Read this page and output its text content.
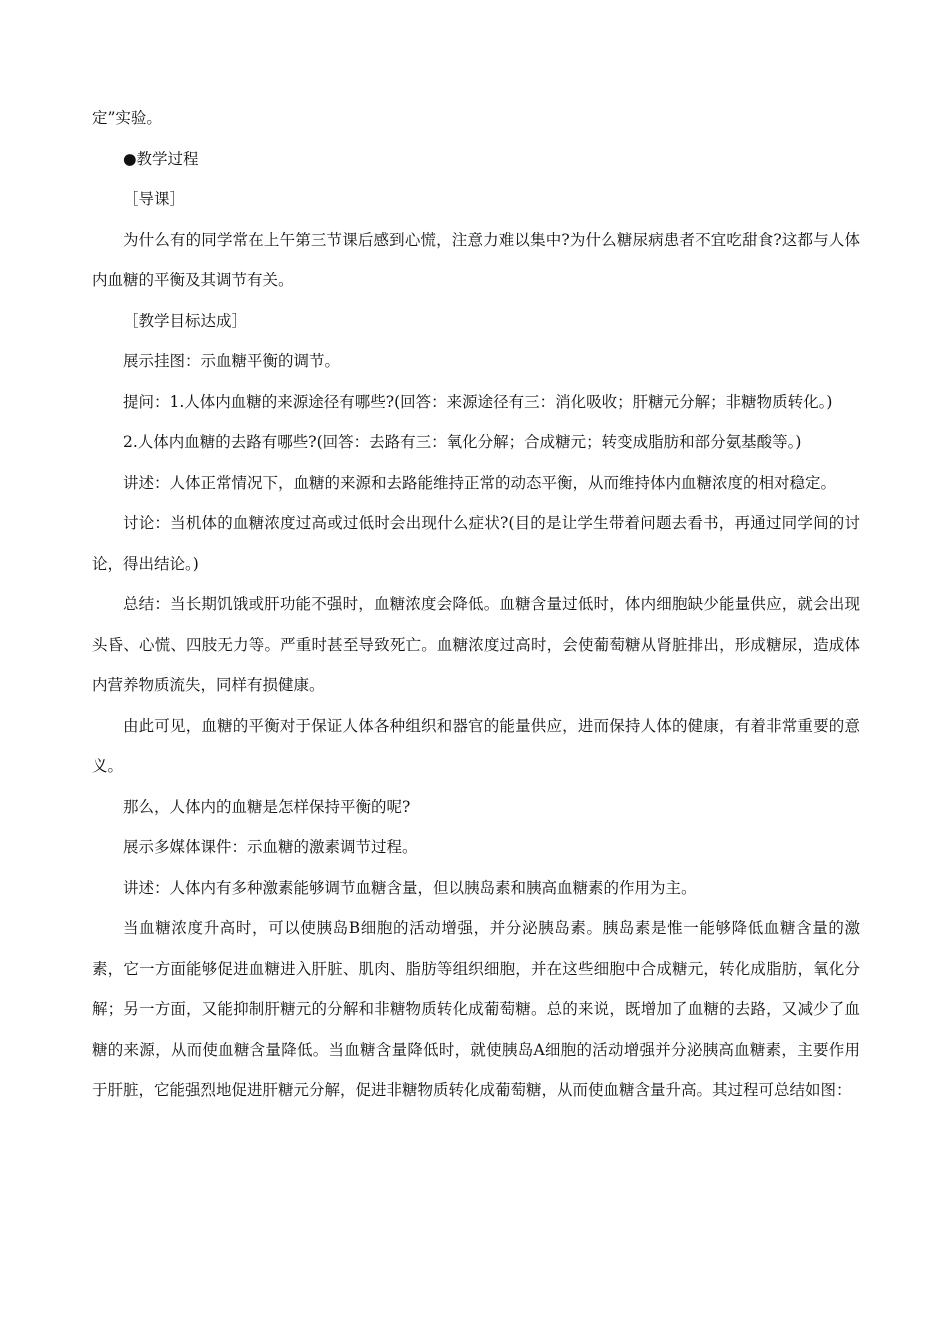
定”实验。

●教学过程

［导课］

为什么有的同学常在上午第三节课后感到心慌，注意力难以集中?为什么糖尿病患者不宜吃甜食?这都与人体内血糖的平衡及其调节有关。

［教学目标达成］

展示挂图：示血糖平衡的调节。

提问：1.人体内血糖的来源途径有哪些?(回答：来源途径有三：消化吸收；肝糖元分解；非糖物质转化。)

2.人体内血糖的去路有哪些?(回答：去路有三：氧化分解；合成糖元；转变成脂肪和部分氨基酸等。)

讲述：人体正常情况下，血糖的来源和去路能维持正常的动态平衡，从而维持体内血糖浓度的相对稳定。

讨论：当机体的血糖浓度过高或过低时会出现什么症状?(目的是让学生带着问题去看书，再通过同学间的讨论，得出结论。)

总结：当长期饥饿或肝功能不强时，血糖浓度会降低。血糖含量过低时，体内细胞缺少能量供应，就会出现头昏、心慌、四肢无力等。严重时甚至导致死亡。血糖浓度过高时，会使葡萄糖从肾脏排出，形成糖尿，造成体内营养物质流失，同样有损健康。

由此可见，血糖的平衡对于保证人体各种组织和器官的能量供应，进而保持人体的健康，有着非常重要的意义。

那么，人体内的血糖是怎样保持平衡的呢?

展示多媒体课件：示血糖的激素调节过程。

讲述：人体内有多种激素能够调节血糖含量，但以胰岛素和胰高血糖素的作用为主。

当血糖浓度升高时，可以使胰岛B细胞的活动增强，并分泌胰岛素。胰岛素是惟一能够降低血糖含量的激素，它一方面能够促进血糖进入肝脏、肌肉、脂肪等组织细胞，并在这些细胞中合成糖元，转化成脂肪，氧化分解；另一方面，又能抑制肝糖元的分解和非糖物质转化成葡萄糖。总的来说，既增加了血糖的去路，又减少了血糖的来源，从而使血糖含量降低。当血糖含量降低时，就使胰岛A细胞的活动增强并分泌胰高血糖素，主要作用于肝脏，它能强烈地促进肝糖元分解，促进非糖物质转化成葡萄糖，从而使血糖含量升高。其过程可总结如图：
